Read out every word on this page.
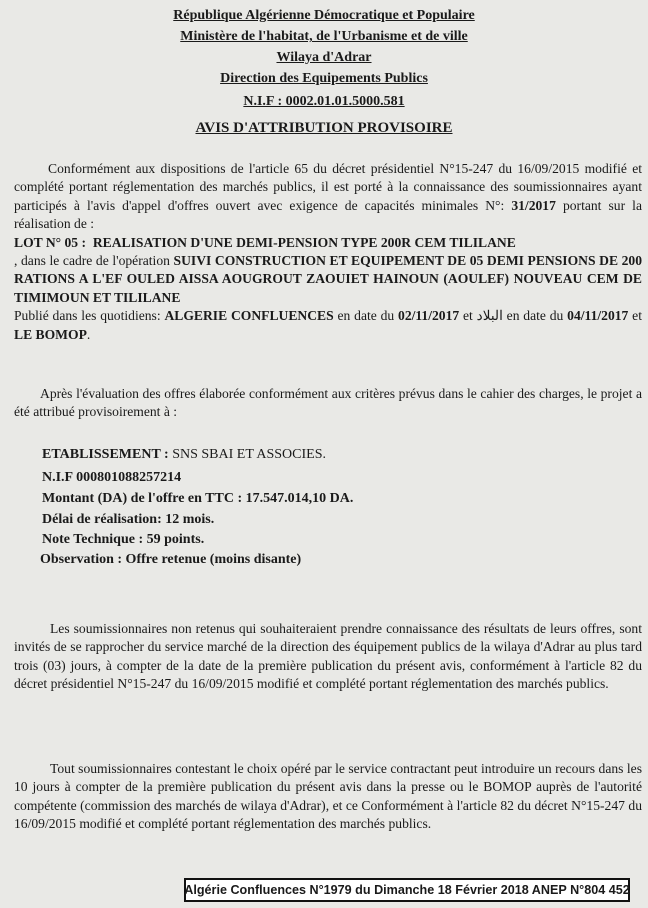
République Algérienne Démocratique et Populaire
Ministère de l'habitat, de l'Urbanisme et de ville
Wilaya d'Adrar
Direction des Equipements Publics
N.I.F : 0002.01.01.5000.581
AVIS D'ATTRIBUTION PROVISOIRE

Conformément aux dispositions de l'article 65 du décret présidentiel N°15-247 du 16/09/2015 modifié et complété portant réglementation des marchés publics, il est porté à la connaissance des soumissionnaires ayant participés à l'avis d'appel d'offres ouvert avec exigence de capacités minimales N°: 31/2017 portant sur la réalisation de :
LOT N° 05 : REALISATION D'UNE DEMI-PENSION TYPE 200R CEM TILILANE
, dans le cadre de l'opération SUIVI CONSTRUCTION ET EQUIPEMENT DE 05 DEMI PENSIONS DE 200 RATIONS A L'EF OULED AISSA AOUGROUT ZAOUIET HAINOUN (AOULEF) NOUVEAU CEM DE TIMIMOUN ET TILILANE
Publié dans les quotidiens: ALGERIE CONFLUENCES en date du 02/11/2017 et البلاد en date du 04/11/2017 et LE BOMOP.

Après l'évaluation des offres élaborée conformément aux critères prévus dans le cahier des charges, le projet a été attribué provisoirement à :

ETABLISSEMENT : SNS SBAI ET ASSOCIES.
N.I.F 000801088257214
Montant (DA) de l'offre en TTC : 17.547.014,10 DA.
Délai de réalisation: 12 mois.
Note Technique : 59 points.
Observation : Offre retenue (moins disante)

Les soumissionnaires non retenus qui souhaiteraient prendre connaissance des résultats de leurs offres, sont invités de se rapprocher du service marché de la direction des équipement publics de la wilaya d'Adrar au plus tard trois (03) jours, à compter de la date de la première publication du présent avis, conformément à l'article 82 du décret présidentiel N°15-247 du 16/09/2015 modifié et complété portant réglementation des marchés publics.

Tout soumissionnaires contestant le choix opéré par le service contractant peut introduire un recours dans les 10 jours à compter de la première publication du présent avis dans la presse ou le BOMOP auprès de l'autorité compétente (commission des marchés de wilaya d'Adrar), et ce Conformément à l'article 82 du décret N°15-247 du 16/09/2015 modifié et complété portant réglementation des marchés publics.

Algérie Confluences N°1979 du Dimanche 18 Février 2018 ANEP N°804 452
